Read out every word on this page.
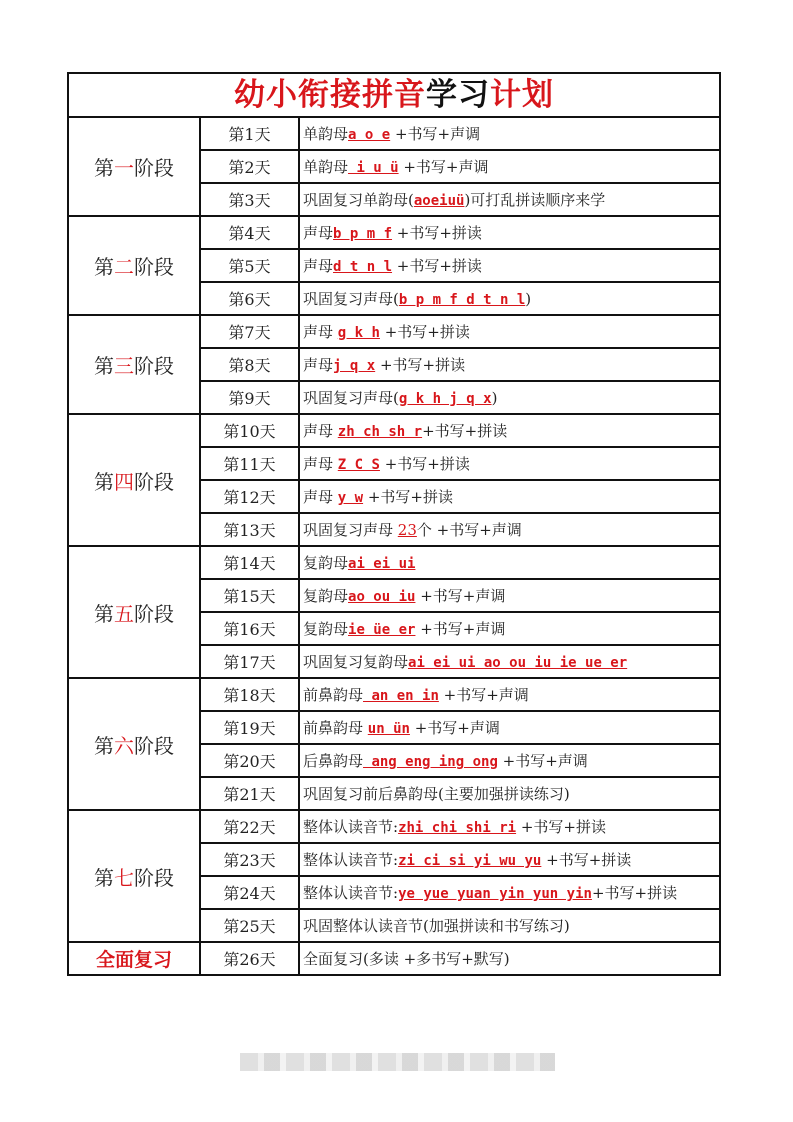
幼小衔接拼音学习计划
第一阶段	第1天	单韵母a o e +书写+声调
	第2天	单韵母 i u ü +书写+声调
	第3天	巩固复习单韵母(aoeiuü)可打乱拼读顺序来学
第二阶段	第4天	声母b p m f +书写+拼读
	第5天	声母d t n l +书写+拼读
	第6天	巩固复习声母(b p m f d t n l)
第三阶段	第7天	声母 g k h +书写+拼读
	第8天	声母j q x +书写+拼读
	第9天	巩固复习声母(g k h j q x)
第四阶段	第10天	声母 zh ch sh r+书写+拼读
	第11天	声母 Z C S +书写+拼读
	第12天	声母 y w +书写+拼读
	第13天	巩固复习声母 23个 +书写+声调
第五阶段	第14天	复韵母ai ei ui
	第15天	复韵母ao ou iu +书写+声调
	第16天	复韵母ie üe er +书写+声调
	第17天	巩固复习复韵母ai ei ui ao ou iu ie ue er
第六阶段	第18天	前鼻韵母 an en in +书写+声调
	第19天	前鼻韵母 un ün +书写+声调
	第20天	后鼻韵母 ang eng ing ong +书写+声调
	第21天	巩固复习前后鼻韵母(主要加强拼读练习)
第七阶段	第22天	整体认读音节:zhi chi shi ri +书写+拼读
	第23天	整体认读音节:zi ci si yi wu yu +书写+拼读
	第24天	整体认读音节:ye yue yuan yin yun yin+书写+拼读
	第25天	巩固整体认读音节(加强拼读和书写练习)
全面复习	第26天	全面复习(多读 +多书写+默写)
